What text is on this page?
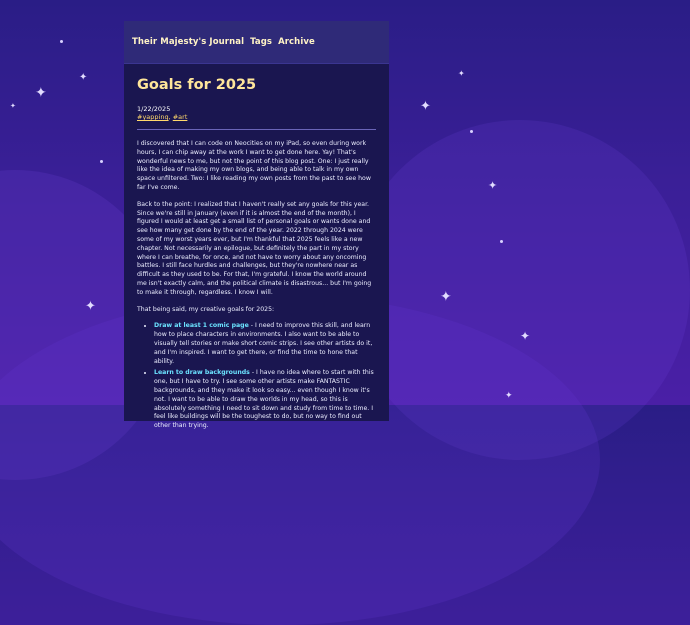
✦
✦
✦
✦
✦
✦
✦
✦
✦
✦
Their Majesty's Journal Tags Archive
Goals for 2025
1/22/2025
#yapping, #art

I discovered that I can code on Neocities on my iPad, so even during work hours, I can chip away at the work I want to get done here. Yay! That's wonderful news to me, but not the point of this blog post. One: I just really like the idea of making my own blogs, and being able to talk in my own space unfiltered. Two: I like reading my own posts from the past to see how far I've come.

Back to the point: I realized that I haven't really set any goals for this year. Since we're still in January (even if it is almost the end of the month), I figured I would at least get a small list of personal goals or wants done and see how many get done by the end of the year. 2022 through 2024 were some of my worst years ever, but I'm thankful that 2025 feels like a new chapter. Not necessarily an epilogue, but definitely the part in my story where I can breathe, for once, and not have to worry about any oncoming battles. I still face hurdles and challenges, but they're nowhere near as difficult as they used to be. For that, I'm grateful. I know the world around me isn't exactly calm, and the political climate is disastrous... but I'm going to make it through, regardless. I know I will.

That being said, my creative goals for 2025:

• Draw at least 1 comic page - I need to improve this skill, and learn how to place characters in environments. I also want to be able to visually tell stories or make short comic strips. I see other artists do it, and I'm inspired. I want to get there, or find the time to hone that ability.
• Learn to draw backgrounds - I have no idea where to start with this one, but I have to try. I see some other artists make FANTASTIC backgrounds, and they make it look so easy... even though I know it's not. I want to be able to draw the worlds in my head, so this is absolutely something I need to sit down and study from time to time. I feel like buildings will be the toughest to do, but no way to find out other than trying.
